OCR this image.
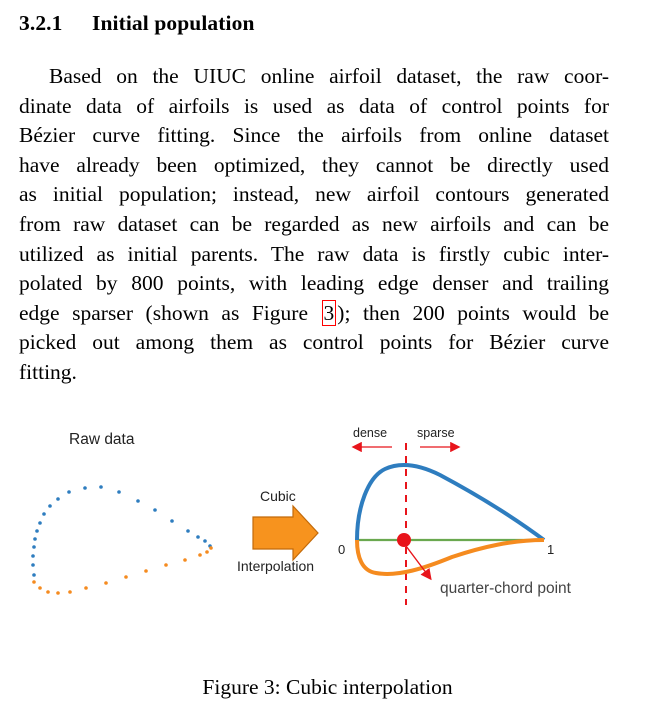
3.2.1 Initial population
Based on the UIUC online airfoil dataset, the raw coor-
dinate data of airfoils is used as data of control points for
Bézier curve fitting. Since the airfoils from online dataset
have already been optimized, they cannot be directly used
as initial population; instead, new airfoil contours generated
from raw dataset can be regarded as new airfoils and can be
utilized as initial parents. The raw data is firstly cubic inter-
polated by 800 points, with leading edge denser and trailing
edge sparser (shown as Figure 3 ); then 200 points would be
picked out among them as control points for Bézier curve
fitting.
Raw data
Cubic
Interpolation
dense sparse
0	1
quarter-chord point
Figure 3: Cubic interpolation
